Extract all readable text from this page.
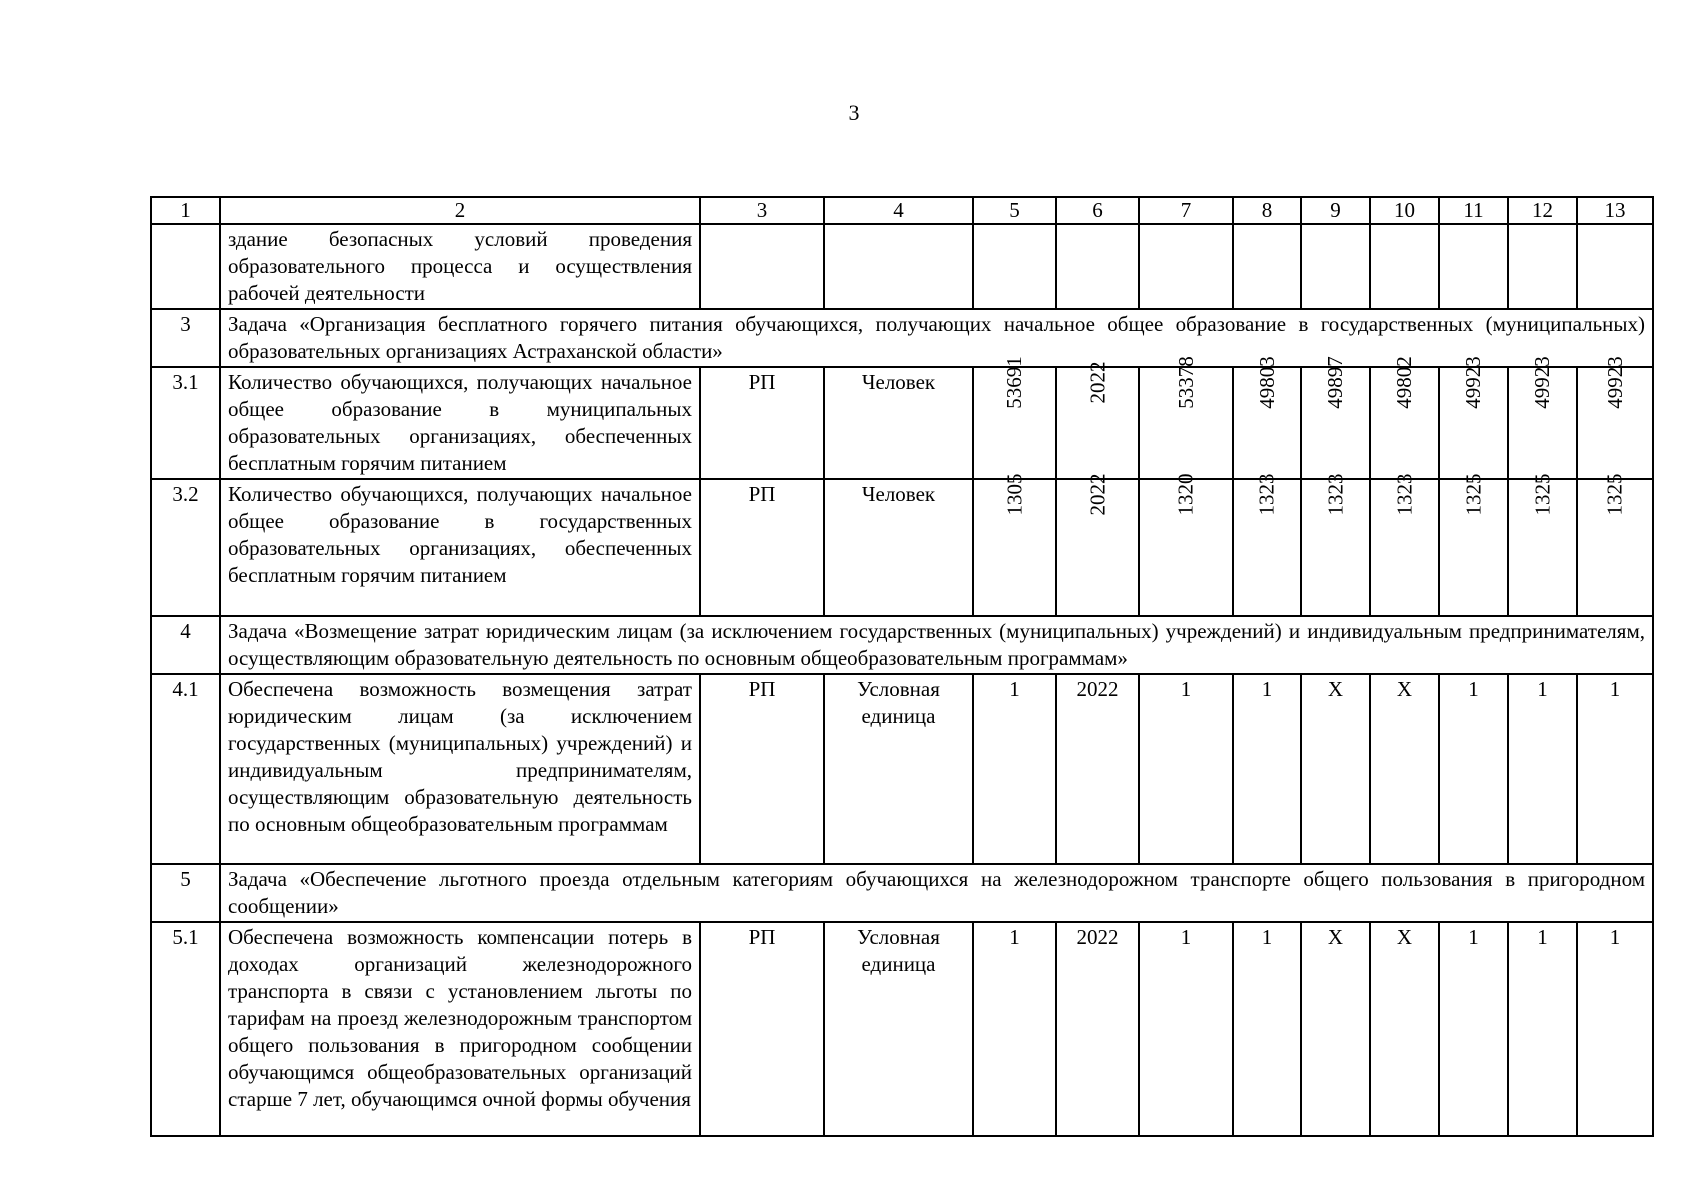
3
1	2	3	4	5	6	7	8	9	10	11	12	13
	здание безопасных условий проведения образовательного процесса и осуществления рабочей деятельности											
3	Задача «Организация бесплатного горячего питания обучающихся, получающих начальное общее образование в государственных (муниципальных) образовательных организациях Астраханской области»											
3.1	Количество обучающихся, получающих начальное общее образование в муниципальных образовательных организациях, обеспеченных бесплатным горячим питанием	РП	Человек	53691	2022	53378	49803	49897	49802	49923	49923	49923
3.2	Количество обучающихся, получающих начальное общее образование в государственных образовательных организациях, обеспеченных бесплатным горячим питанием	РП	Человек	1305	2022	1320	1323	1323	1323	1325	1325	1325
4	Задача «Возмещение затрат юридическим лицам (за исключением государственных (муниципальных) учреждений) и индивидуальным предпринимателям, осуществляющим образовательную деятельность по основным общеобразовательным программам»											
4.1	Обеспечена возможность возмещения затрат юридическим лицам (за исключением государственных (муниципальных) учреждений) и индивидуальным предпринимателям, осуществляющим образовательную деятельность по основным общеобразовательным программам	РП	Условная единица	1	2022	1	1	X	X	1	1	1
5	Задача «Обеспечение льготного проезда отдельным категориям обучающихся на железнодорожном транспорте общего пользования в пригородном сообщении»											
5.1	Обеспечена возможность компенсации потерь в доходах организаций железнодорожного транспорта в связи с установлением льготы по тарифам на проезд железнодорожным транспортом общего пользования в пригородном сообщении обучающимся общеобразовательных организаций старше 7 лет, обучающимся очной формы обучения	РП	Условная единица	1	2022	1	1	X	X	1	1	1
